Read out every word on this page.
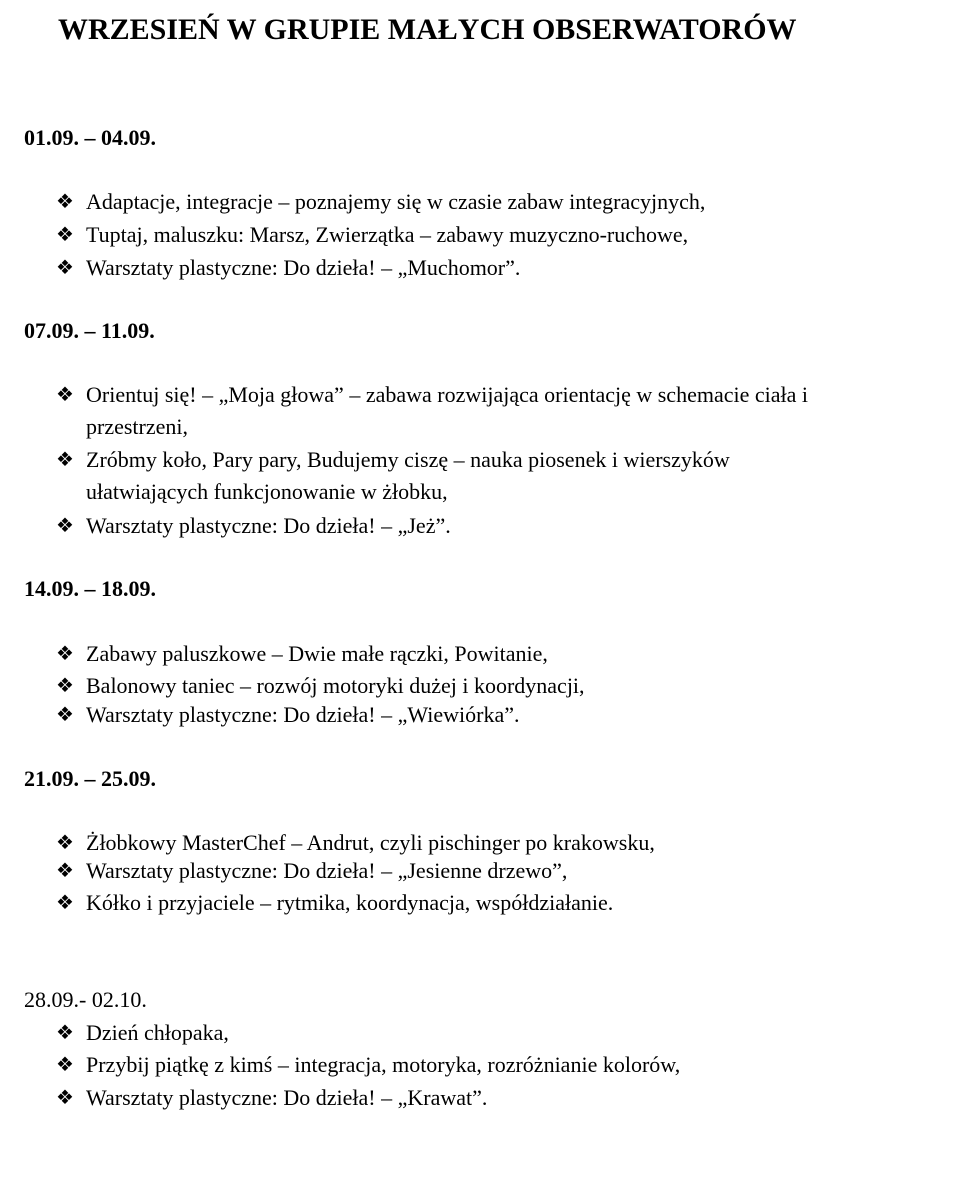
WRZESIEŃ W GRUPIE MAŁYCH OBSERWATORÓW
01.09. – 04.09.
❖ Adaptacje, integracje – poznajemy się w czasie zabaw integracyjnych,
❖ Tuptaj, maluszku: Marsz, Zwierzątka – zabawy muzyczno-ruchowe,
❖ Warsztaty plastyczne: Do dzieła! – „Muchomor”.
07.09. – 11.09.
❖ Orientuj się! – „Moja głowa” – zabawa rozwijająca orientację w schemacie ciała i przestrzeni,
❖ Zróbmy koło, Pary pary, Budujemy ciszę – nauka piosenek i wierszyków ułatwiających funkcjonowanie w żłobku,
❖ Warsztaty plastyczne: Do dzieła! – „Jeż”.
14.09. – 18.09.
❖ Zabawy paluszkowe – Dwie małe rączki, Powitanie,
❖ Balonowy taniec – rozwój motoryki dużej i koordynacji,
❖ Warsztaty plastyczne: Do dzieła! – „Wiewiórka”.
21.09. – 25.09.
❖ Żłobkowy MasterChef – Andrut, czyli pischinger po krakowsku,
❖ Warsztaty plastyczne: Do dzieła! – „Jesienne drzewo”,
❖ Kółko i przyjaciele – rytmika, koordynacja, współdziałanie.
28.09.- 02.10.
❖ Dzień chłopaka,
❖ Przybij piątkę z kimś – integracja, motoryka, rozróżnianie kolorów,
❖ Warsztaty plastyczne: Do dzieła! – „Krawat”.
